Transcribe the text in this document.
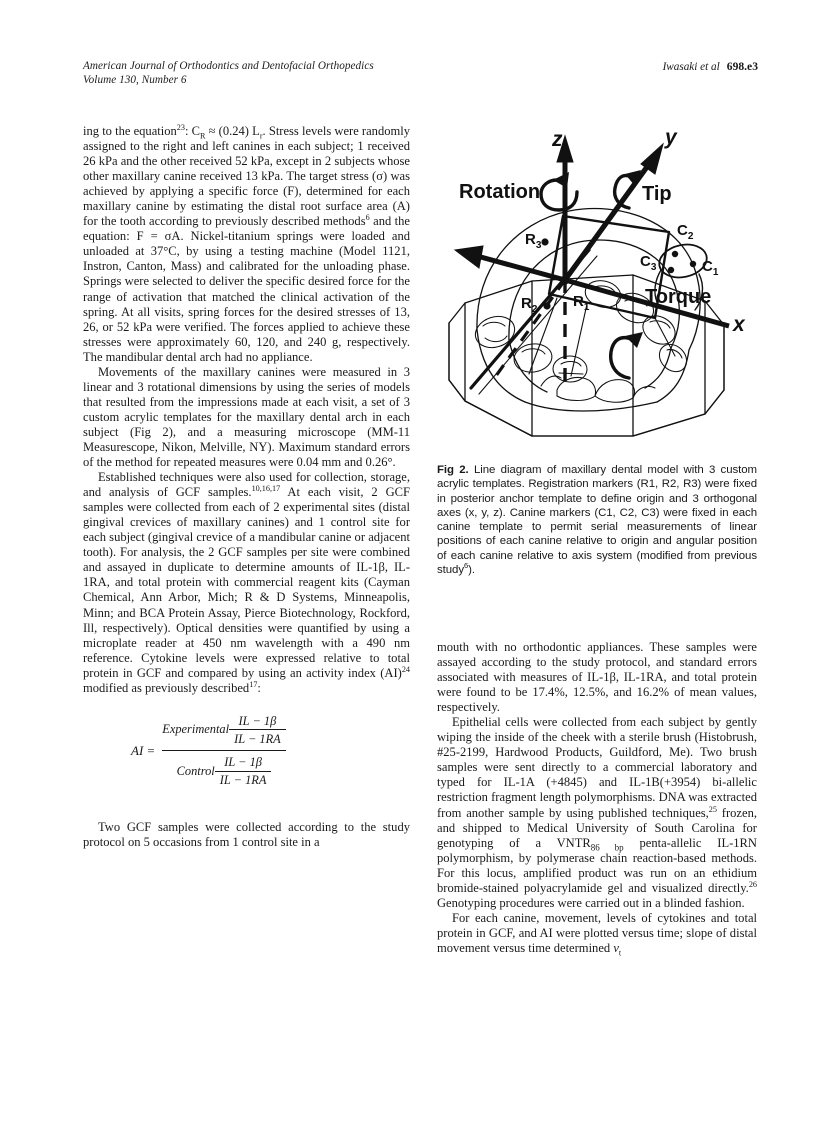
American Journal of Orthodontics and Dentofacial Orthopedics
Volume 130, Number 6
Iwasaki et al 698.e3

ing to the equation$^{23}$: $C_R \approx (0.24)$ $L_r$. Stress levels were randomly assigned to the right and left canines in each subject; 1 received 26 kPa and the other received 52 kPa, except in 2 subjects whose other maxillary canine received 13 kPa. The target stress (σ) was achieved by applying a specific force (F), determined for each maxillary canine by estimating the distal root surface area (A) for the tooth according to previously described methods$^6$ and the equation: F = σA. Nickel-titanium springs were loaded and unloaded at 37°C, by using a testing machine (Model 1121, Instron, Canton, Mass) and calibrated for the unloading phase. Springs were selected to deliver the specific desired force for the range of activation that matched the clinical activation of the spring. At all visits, spring forces for the desired stresses of 13, 26, or 52 kPa were verified. The forces applied to achieve these stresses were approximately 60, 120, and 240 g, respectively. The mandibular dental arch had no appliance.

Movements of the maxillary canines were measured in 3 linear and 3 rotational dimensions by using the series of models that resulted from the impressions made at each visit, a set of 3 custom acrylic templates for the maxillary dental arch in each subject (Fig 2), and a measuring microscope (MM-11 Measurescope, Nikon, Melville, NY). Maximum standard errors of the method for repeated measures were 0.04 mm and 0.26°.

Established techniques were also used for collection, storage, and analysis of GCF samples.$^{10,16,17}$ At each visit, 2 GCF samples were collected from each of 2 experimental sites (distal gingival crevices of maxillary canines) and 1 control site for each subject (gingival crevice of a mandibular canine or adjacent tooth). For analysis, the 2 GCF samples per site were combined and assayed in duplicate to determine amounts of IL-1β, IL-1RA, and total protein with commercial reagent kits (Cayman Chemical, Ann Arbor, Mich; R & D Systems, Minneapolis, Minn; and BCA Protein Assay, Pierce Biotechnology, Rockford, Ill, respectively). Optical densities were quantified by using a microplate reader at 450 nm wavelength with a 490 nm reference. Cytokine levels were expressed relative to total protein in GCF and compared by using an activity index (AI)$^{24}$ modified as previously described$^{17}$:

AI =
Experimental $\frac{IL - 1\beta}{IL - 1RA}$
Control $\frac{IL - 1\beta}{IL - 1RA}$

Two GCF samples were collected according to the study protocol on 5 occasions from 1 control site in a

z	y
x
Rotation	Tip
Torque
$R_3$
$R_2$ $R_1$
$C_2$
$C_1$
$C_3$
Fig 2. Line diagram of maxillary dental model with 3 custom acrylic templates. Registration markers (R1, R2, R3) were fixed in posterior anchor template to define origin and 3 orthogonal axes (x, y, z). Canine markers (C1, C2, C3) were fixed in each canine template to permit serial measurements of linear positions of each canine relative to origin and angular position of each canine relative to axis system (modified from previous study$^6$).

mouth with no orthodontic appliances. These samples were assayed according to the study protocol, and standard errors associated with measures of IL-1β, IL-1RA, and total protein were found to be 17.4%, 12.5%, and 16.2% of mean values, respectively.

Epithelial cells were collected from each subject by gently wiping the inside of the cheek with a sterile brush (Histobrush, #25-2199, Hardwood Products, Guildford, Me). Two brush samples were sent directly to a commercial laboratory and typed for IL-1A (+4845) and IL-1B(+3954) bi-allelic restriction fragment length polymorphisms. DNA was extracted from another sample by using published techniques,$^{25}$ frozen, and shipped to Medical University of South Carolina for genotyping of a $VNTR_{86 bp}$ penta-allelic IL-1RN polymorphism, by polymerase chain reaction-based methods. For this locus, amplified product was run on an ethidium bromide-stained polyacrylamide gel and visualized directly.$^{26}$ Genotyping procedures were carried out in a blinded fashion.

For each canine, movement, levels of cytokines and total protein in GCF, and AI were plotted versus time; slope of distal movement versus time determined $v_t$
